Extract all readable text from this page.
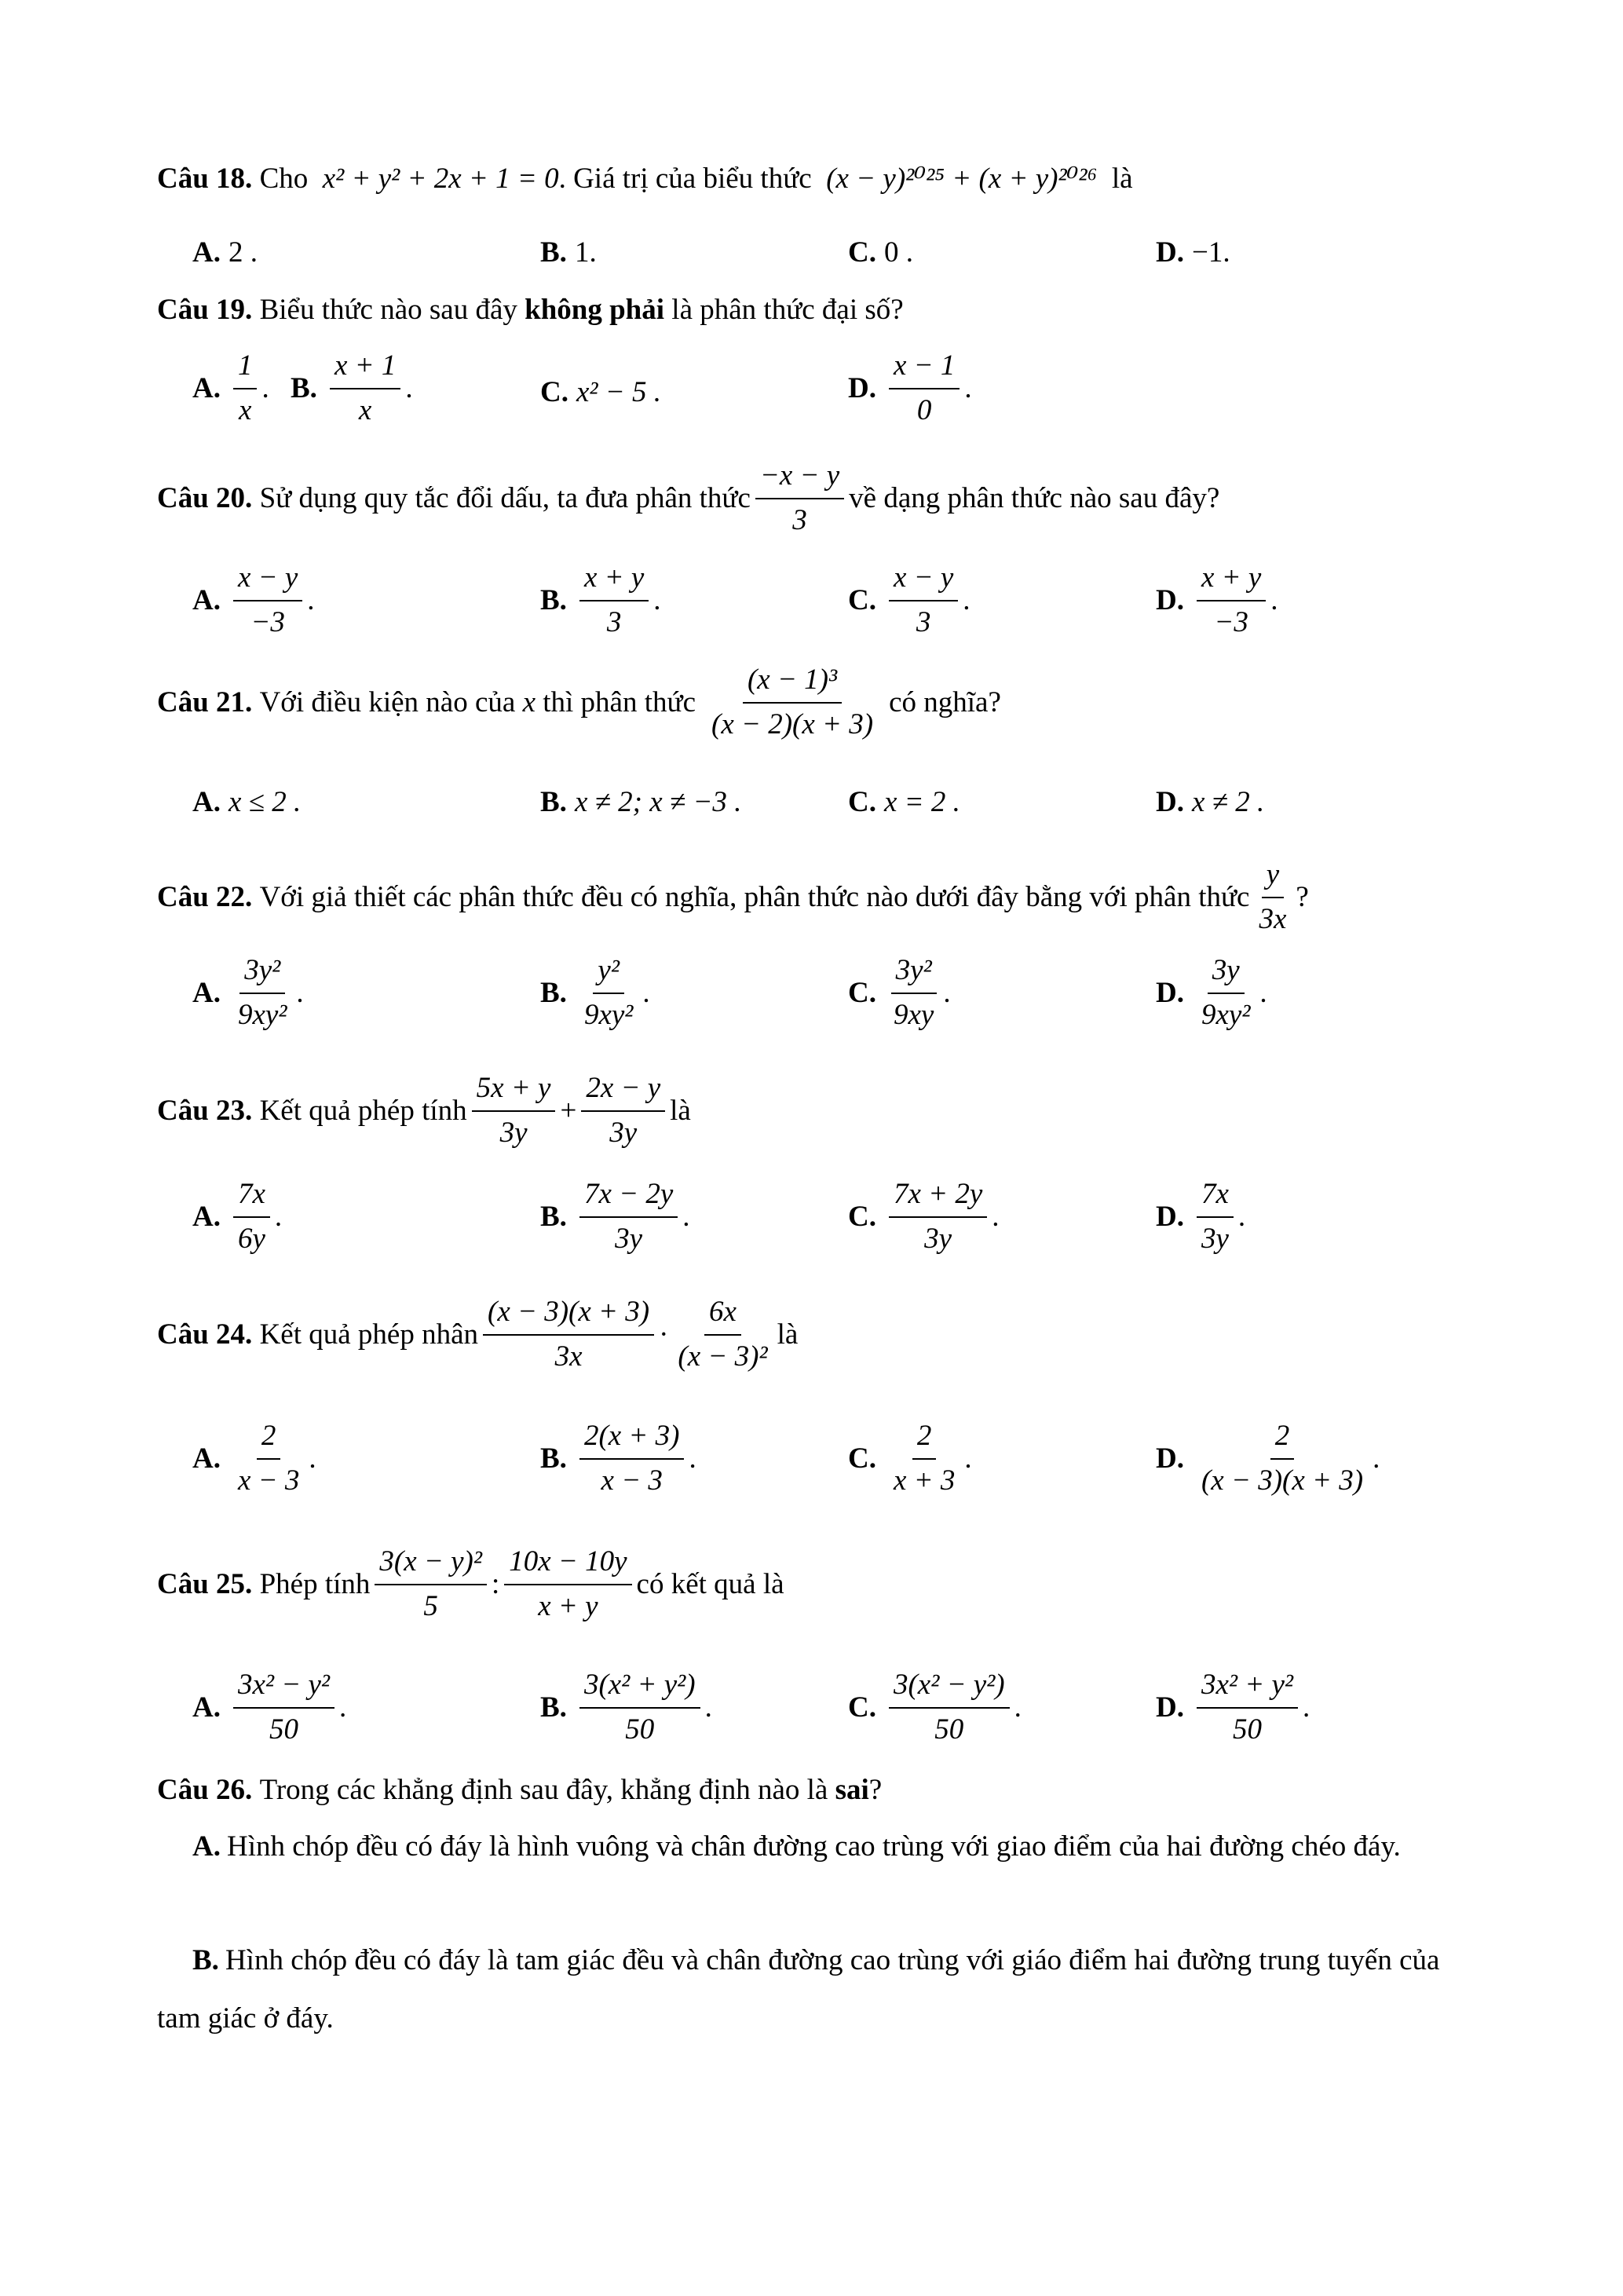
Câu 18.
Cho
x² + y² + 2x + 1 = 0 . Giá trị của biểu thức
(x − y)²⁰²⁵ + (x + y)²⁰²⁶
là
A. 2 .	B. 1.	C. 0 .	D. −1.
Câu 19.
Biểu thức nào sau đây
không phải
là phân thức đại số?
A. $\frac{1}{x}$ . B. $\frac{x + 1}{x}$ .	C. x² − 5 .	D. $\frac{x - 1}{0}$ .
Câu 20.
Sử dụng quy tắc đổi dấu, ta đưa phân thức $\frac{-x - y}{3}$ về dạng phân thức nào sau đây?
A. $\frac{x - y}{-3}$ .	B. $\frac{x + y}{3}$ .	C. $\frac{x - y}{3}$ .	D. $\frac{x + y}{-3}$ .
Câu 21.
Với điều kiện nào của
x
thì phân thức $\frac{\text{(x − 1)³}}{(x - 2)(x + 3)}$ có nghĩa?
A. x ≤ 2 .	B. x ≠ 2; x ≠ −3 .	C. x = 2 .	D. x ≠ 2 .
Câu 22.
Với giả thiết các phân thức đều có nghĩa, phân thức nào dưới đây bằng với phân thức $\frac{y}{3x}$ ?
A. $\frac{\text{3y²}}{\text{9xy²}}$ .	B. $\frac{\text{y²}}{\text{9xy²}}$ .	C. $\frac{\text{3y²}}{9xy}$ .	D. $\frac{3y}{\text{9xy²}}$ .
Câu 23.
Kết quả phép tính $\frac{5x + y}{3y} + \frac{2x - y}{3y}$ là
A. $\frac{7x}{6y}$ .	B. $\frac{7x - 2y}{3y}$ .	C. $\frac{7x + 2y}{3y}$ .	D. $\frac{7x}{3y}$ .
Câu 24.
Kết quả phép nhân $\frac{(x - 3)(x + 3)}{3x} \cdot \frac{6x}{\text{(x − 3)²}}$ là
A. $\frac{2}{x - 3}$ .	B. $\frac{2(x + 3)}{x - 3}$ .	C. $\frac{2}{x + 3}$ .	D. $\frac{2}{(x - 3)(x + 3)}$ .
Câu 25.
Phép tính $\frac{\text{3(x − y)²}}{5}$ : $\frac{10x - 10y}{x + y}$ có kết quả là
A. $\frac{\text{3x² − y²}}{50}$ .	B. $\frac{\text{3(x² + y²)}}{50}$ .	C. $\frac{\text{3(x² − y²)}}{50}$ .	D. $\frac{\text{3x² + y²}}{50}$ .
Câu 26.
Trong các khẳng định sau đây, khẳng định nào là
sai ?
A. Hình chóp đều có đáy là hình vuông và chân đường cao trùng với giao điểm của hai đường chéo đáy.
B. Hình chóp đều có đáy là tam giác đều và chân đường cao trùng với giáo điểm hai đường trung tuyến của tam giác ở đáy.
